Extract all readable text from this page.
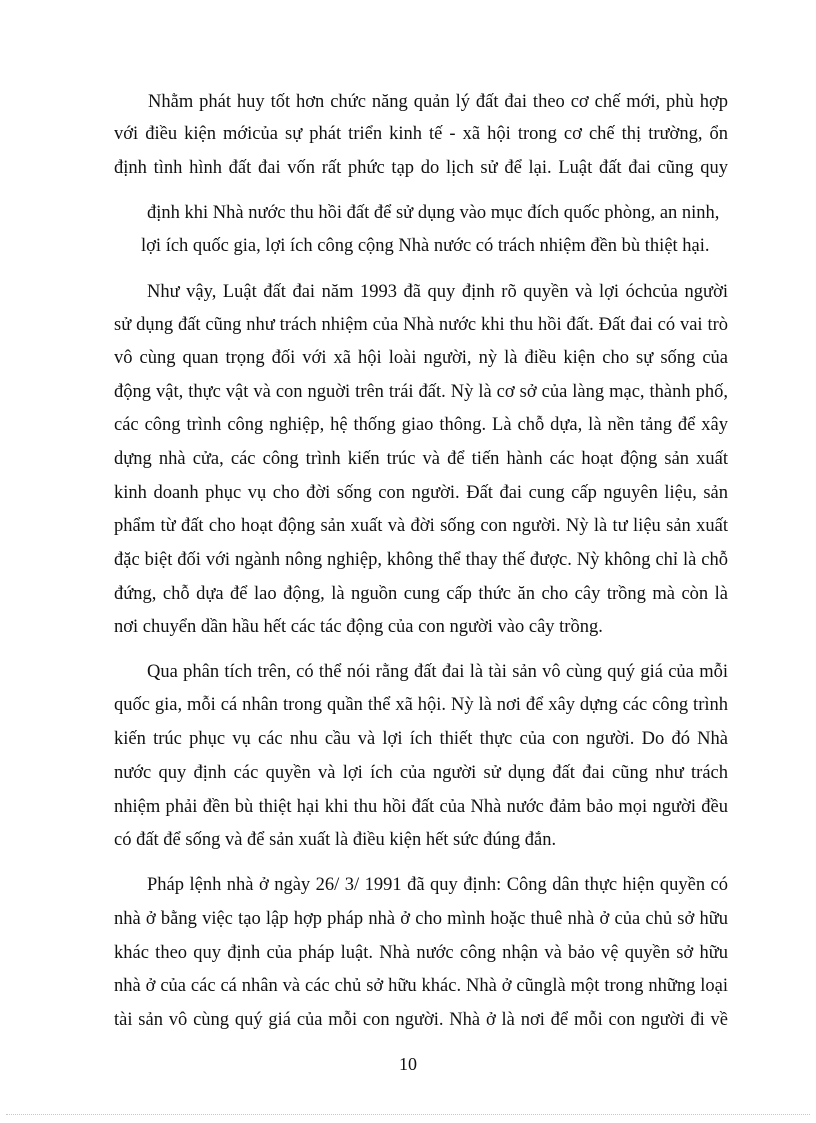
Nhằm phát huy tốt hơn chức năng quản lý đất đai theo cơ chế mới, phù hợp
với điều kiện mớicủa sự phát triển kinh tế - xã hội trong cơ chế thị trường, ổn
định tình hình đất đai vốn rất phức tạp do lịch sử để lại. Luật đất đai cũng quy
định khi Nhà nước thu hồi đất để sử dụng vào mục đích quốc phòng, an ninh,
lợi ích quốc gia, lợi ích công cộng Nhà nước có trách nhiệm đền bù thiệt hại.
Như vậy, Luật đất đai năm 1993 đã quy định rõ quyền và lợi óchcủa người
sử dụng đất cũng như trách nhiệm của Nhà nước khi thu hồi đất. Đất đai có vai trò
vô cùng quan trọng đối với xã hội loài người, nỳ là điều kiện cho sự sống của
động vật, thực vật và con nguời trên trái đất. Nỳ là cơ sở của làng mạc, thành phố,
các công trình công nghiệp, hệ thống giao thông. Là chỗ dựa, là nền tảng để xây
dựng nhà cửa, các công trình kiến trúc và để tiến hành các hoạt động sản xuất
kinh doanh phục vụ cho đời sống con người. Đất đai cung cấp nguyên liệu, sản
phẩm từ đất cho hoạt động sản xuất và đời sống con người. Nỳ là tư liệu sản xuất
đặc biệt đối với ngành nông nghiệp, không thể thay thế được. Nỳ không chỉ là chỗ
đứng, chỗ dựa để lao động, là nguồn cung cấp thức ăn cho cây trồng mà còn là
nơi chuyển dần hầu hết các tác động của con người vào cây trồng.
Qua phân tích trên, có thể nói rằng đất đai là tài sản vô cùng quý giá của mỗi
quốc gia, mỗi cá nhân trong quần thể xã hội. Nỳ là nơi để xây dựng các công trình
kiến trúc phục vụ các nhu cầu và lợi ích thiết thực của con người. Do đó Nhà
nước quy định các quyền và lợi ích của người sử dụng đất đai cũng như trách
nhiệm phải đền bù thiệt hại khi thu hồi đất của Nhà nước đảm bảo mọi người đều
có đất để sống và để sản xuất là điều kiện hết sức đúng đắn.
Pháp lệnh nhà ở ngày 26/ 3/ 1991 đã quy định: Công dân thực hiện quyền có
nhà ở bằng việc tạo lập hợp pháp nhà ở cho mình hoặc thuê nhà ở của chủ sở hữu
khác theo quy định của pháp luật. Nhà nước công nhận và bảo vệ quyền sở hữu
nhà ở của các cá nhân và các chủ sở hữu khác. Nhà ở cũnglà một trong những loại
tài sản vô cùng quý giá của mỗi con người. Nhà ở là nơi để mỗi con người đi về
10
